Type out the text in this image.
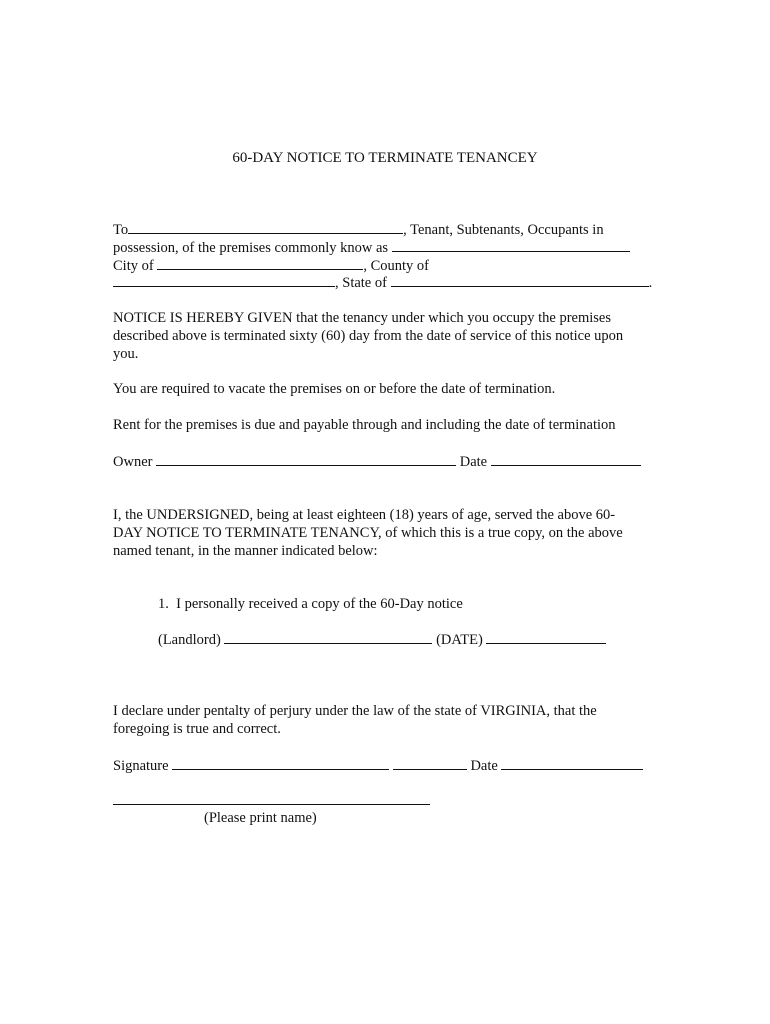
60-DAY NOTICE TO TERMINATE TENANCEY
To	, Tenant, Subtenants, Occupants in
possession, of the premises commonly know as
City of	, County of
, State of	.
NOTICE IS HEREBY GIVEN that the tenancy under which you occupy the premises
described above is terminated sixty (60) day from the date of service of this notice upon
you.
You are required to vacate the premises on or before the date of termination.
Rent for the premises is due and payable through and including the date of termination
Owner	Date
I, the UNDERSIGNED, being at least eighteen (18) years of age, served the above 60-
DAY NOTICE TO TERMINATE TENANCY, of which this is a true copy, on the above
named tenant, in the manner indicated below:
1. I personally received a copy of the 60-Day notice
(Landlord)	(DATE)
I declare under pentalty of perjury under the law of the state of VIRGINIA, that the
foregoing is true and correct.
Signature	Date
(Please print name)
